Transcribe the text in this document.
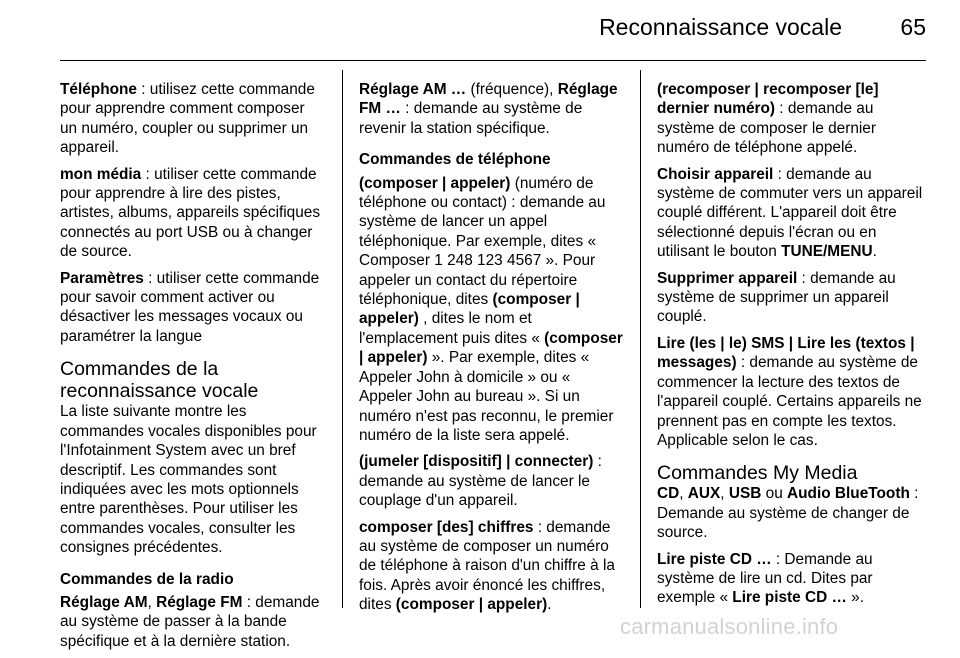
Reconnaissance vocale	65

Téléphone : utilisez cette commande pour apprendre comment composer un numéro, coupler ou supprimer un appareil.

mon média : utiliser cette commande pour apprendre à lire des pistes, artistes, albums, appareils spécifiques connectés au port USB ou à changer de source.

Paramètres : utiliser cette commande pour savoir comment activer ou désactiver les messages vocaux ou paramétrer la langue

Commandes de la
reconnaissance vocale

La liste suivante montre les commandes vocales disponibles pour l'Infotainment System avec un bref descriptif. Les commandes sont indiquées avec les mots optionnels entre parenthèses. Pour utiliser les commandes vocales, consulter les consignes précédentes.

Commandes de la radio

Réglage AM, Réglage FM : demande au système de passer à la bande spécifique et à la dernière station.

Réglage AM … (fréquence), Réglage FM … : demande au système de revenir la station spécifique.

Commandes de téléphone

(composer | appeler) (numéro de téléphone ou contact) : demande au système de lancer un appel téléphonique. Par exemple, dites « Composer 1 248 123 4567 ». Pour appeler un contact du répertoire téléphonique, dites (composer | appeler) , dites le nom et l'emplacement puis dites « (composer | appeler) ». Par exemple, dites « Appeler John à domicile » ou « Appeler John au bureau ». Si un numéro n'est pas reconnu, le premier numéro de la liste sera appelé.

(jumeler [dispositif] | connecter) : demande au système de lancer le couplage d'un appareil.

composer [des] chiffres : demande au système de composer un numéro de téléphone à raison d'un chiffre à la fois. Après avoir énoncé les chiffres, dites (composer | appeler).

(recomposer | recomposer [le] dernier numéro) : demande au système de composer le dernier numéro de téléphone appelé.

Choisir appareil : demande au système de commuter vers un appareil couplé différent. L'appareil doit être sélectionné depuis l'écran ou en utilisant le bouton TUNE/MENU.

Supprimer appareil : demande au système de supprimer un appareil couplé.

Lire (les | le) SMS | Lire les (textos | messages) : demande au système de commencer la lecture des textos de l'appareil couplé. Certains appareils ne prennent pas en compte les textos. Applicable selon le cas.

Commandes My Media

CD, AUX, USB ou Audio BlueTooth : Demande au système de changer de source.

Lire piste CD … : Demande au système de lire un cd. Dites par exemple « Lire piste CD … ».

carmanualsonline.info
